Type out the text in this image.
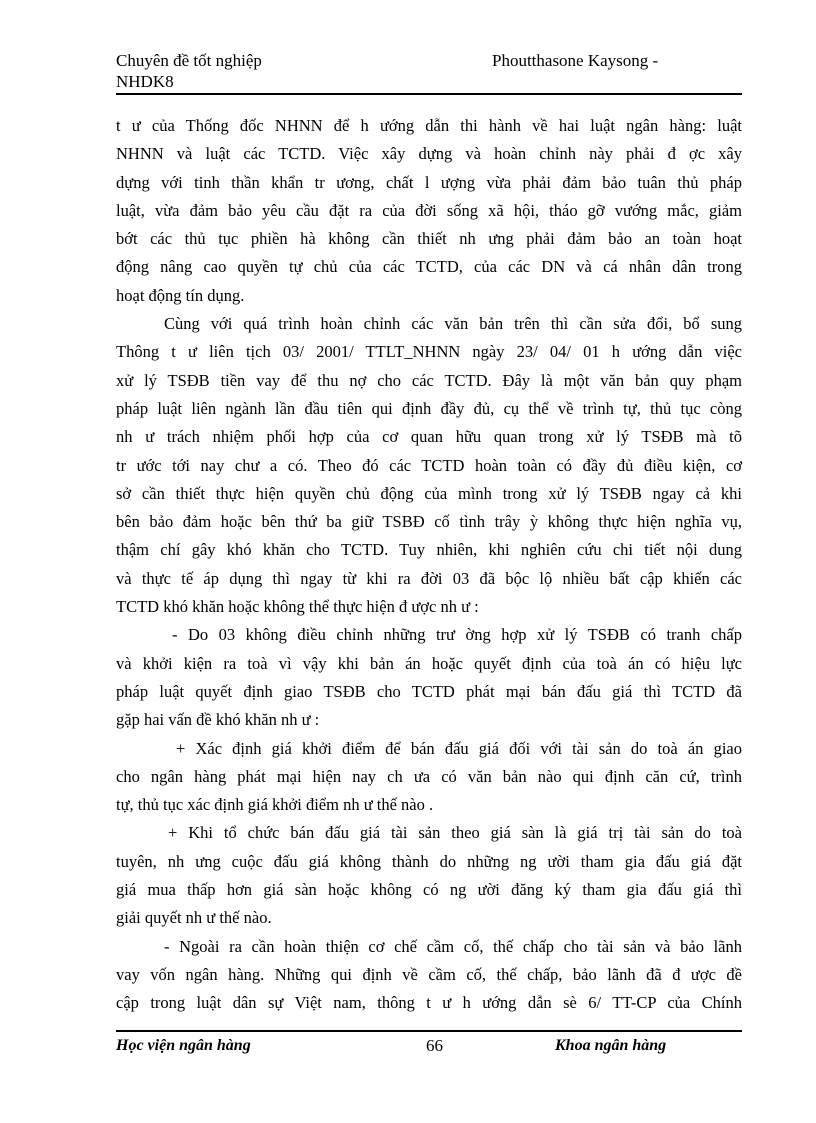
Chuyên đề tốt nghiệp
NHDK8
Phoutthasone Kaysong -
t ư của Thống đốc NHNN để h ướng dẫn thi hành về hai luật ngân hàng: luật
NHNN và luật các TCTD. Việc xây dựng và hoàn chỉnh này phải đ ợc xây
dựng với tinh thần khẩn tr ương, chất l ượng vừa phải đảm bảo tuân thủ pháp
luật, vừa đảm bảo yêu cầu đặt ra của đời sống xã hội, tháo gỡ vướng mắc, giảm
bớt các thủ tục phiền hà không cần thiết nh ưng phải đảm bảo an toàn hoạt
động nâng cao quyền tự chủ của các TCTD, của các DN và cá nhân dân trong
hoạt động tín dụng.
Cùng với quá trình hoàn chỉnh các văn bản trên thì cần sửa đổi, bổ sung
Thông t ư liên tịch 03/ 2001/ TTLT_NHNN ngày 23/ 04/ 01 h ướng dẫn việc
xử lý TSĐB tiền vay để thu nợ cho các TCTD. Đây là một văn bản quy phạm
pháp luật liên ngành lần đầu tiên qui định đầy đủ, cụ thể về trình tự, thủ tục còng
nh ư trách nhiệm phối hợp của cơ quan hữu quan trong xử lý TSĐB mà tõ
tr ước tới nay chư a có. Theo đó các TCTD hoàn toàn có đầy đủ điều kiện, cơ
sở cần thiết thực hiện quyền chủ động của mình trong xử lý TSĐB ngay cả khi
bên bảo đảm hoặc bên thứ ba giữ TSBĐ cố tình trây ỳ không thực hiện nghĩa vụ,
thậm chí gây khó khăn cho TCTD. Tuy nhiên, khi nghiên cứu chi tiết nội dung
và thực tế áp dụng thì ngay từ khi ra đời 03 đã bộc lộ nhiều bất cập khiến các
TCTD khó khăn hoặc không thể thực hiện đ ược nh ư :
- Do 03 không điều chỉnh những trư ờng hợp xử lý TSĐB có tranh chấp
và khởi kiện ra toà vì vậy khi bản án hoặc quyết định của toà án có hiệu lực
pháp luật quyết định giao TSĐB cho TCTD phát mại bán đấu giá thì TCTD đã
gặp hai vấn đề khó khăn nh ư :
+ Xác định giá khởi điểm để bán đấu giá đối với tài sản do toà án giao
cho ngân hàng phát mại hiện nay ch ưa có văn bản nào qui định căn cứ, trình
tự, thủ tục xác định giá khởi điểm nh ư thế nào .
+ Khi tổ chức bán đấu giá tài sản theo giá sàn là giá trị tài sản do toà
tuyên, nh ưng cuộc đấu giá không thành do những ng ười tham gia đấu giá đặt
giá mua thấp hơn giá sàn hoặc không có ng ười đăng ký tham gia đấu giá thì
giải quyết nh ư thế nào.
- Ngoài ra cần hoàn thiện cơ chế cầm cố, thế chấp cho tài sản và bảo lãnh
vay vốn ngân hàng. Những qui định về cầm cố, thế chấp, bảo lãnh đã đ ược đề
cập trong luật dân sự Việt nam, thông t ư h ướng dẫn sè 6/ TT-CP của Chính
Học viện ngân hàng	66	Khoa ngân hàng
